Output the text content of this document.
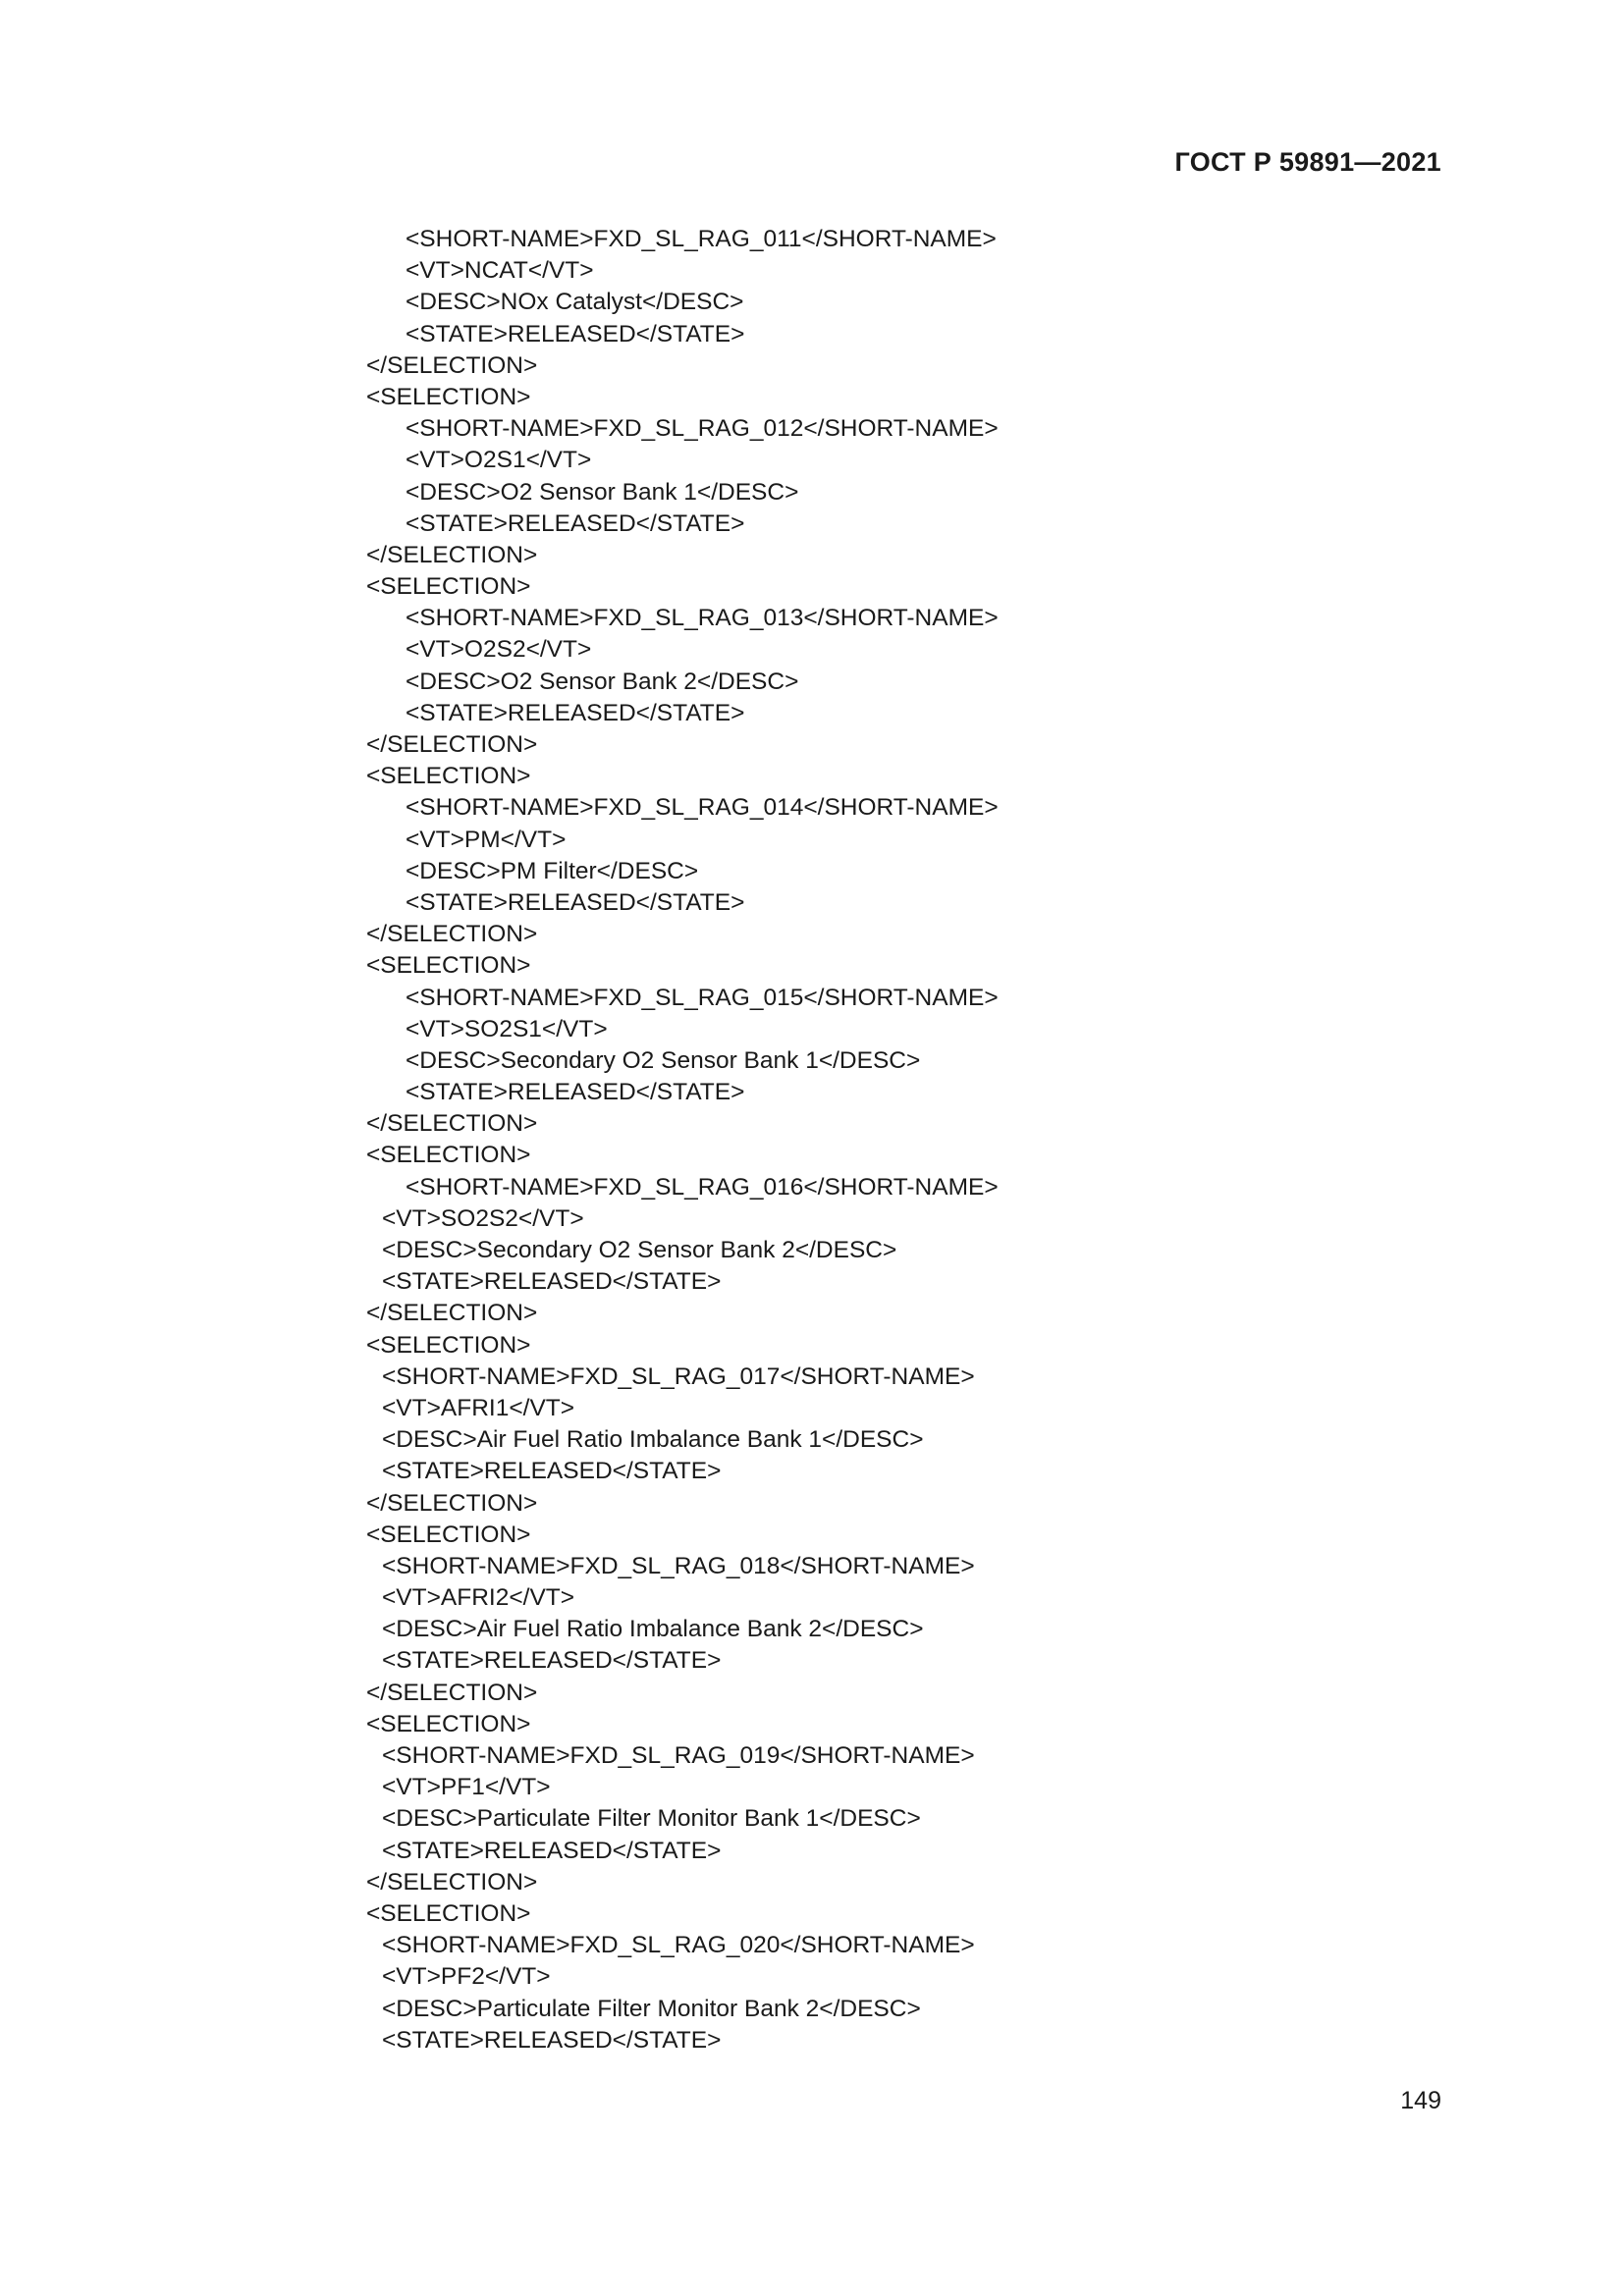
ГОСТ Р 59891—2021
<SHORT-NAME>FXD_SL_RAG_011</SHORT-NAME>
<VT>NCAT</VT>
<DESC>NOx Catalyst</DESC>
<STATE>RELEASED</STATE>
</SELECTION>
<SELECTION>
<SHORT-NAME>FXD_SL_RAG_012</SHORT-NAME>
<VT>O2S1</VT>
<DESC>O2 Sensor Bank 1</DESC>
<STATE>RELEASED</STATE>
</SELECTION>
<SELECTION>
<SHORT-NAME>FXD_SL_RAG_013</SHORT-NAME>
<VT>O2S2</VT>
<DESC>O2 Sensor Bank 2</DESC>
<STATE>RELEASED</STATE>
</SELECTION>
<SELECTION>
<SHORT-NAME>FXD_SL_RAG_014</SHORT-NAME>
<VT>PM</VT>
<DESC>PM Filter</DESC>
<STATE>RELEASED</STATE>
</SELECTION>
<SELECTION>
<SHORT-NAME>FXD_SL_RAG_015</SHORT-NAME>
<VT>SO2S1</VT>
<DESC>Secondary O2 Sensor Bank 1</DESC>
<STATE>RELEASED</STATE>
</SELECTION>
<SELECTION>
<SHORT-NAME>FXD_SL_RAG_016</SHORT-NAME>
<VT>SO2S2</VT>
<DESC>Secondary O2 Sensor Bank 2</DESC>
<STATE>RELEASED</STATE>
</SELECTION>
<SELECTION>
<SHORT-NAME>FXD_SL_RAG_017</SHORT-NAME>
<VT>AFRI1</VT>
<DESC>Air Fuel Ratio Imbalance Bank 1</DESC>
<STATE>RELEASED</STATE>
</SELECTION>
<SELECTION>
<SHORT-NAME>FXD_SL_RAG_018</SHORT-NAME>
<VT>AFRI2</VT>
<DESC>Air Fuel Ratio Imbalance Bank 2</DESC>
<STATE>RELEASED</STATE>
</SELECTION>
<SELECTION>
<SHORT-NAME>FXD_SL_RAG_019</SHORT-NAME>
<VT>PF1</VT>
<DESC>Particulate Filter Monitor Bank 1</DESC>
<STATE>RELEASED</STATE>
</SELECTION>
<SELECTION>
<SHORT-NAME>FXD_SL_RAG_020</SHORT-NAME>
<VT>PF2</VT>
<DESC>Particulate Filter Monitor Bank 2</DESC>
<STATE>RELEASED</STATE>
149
